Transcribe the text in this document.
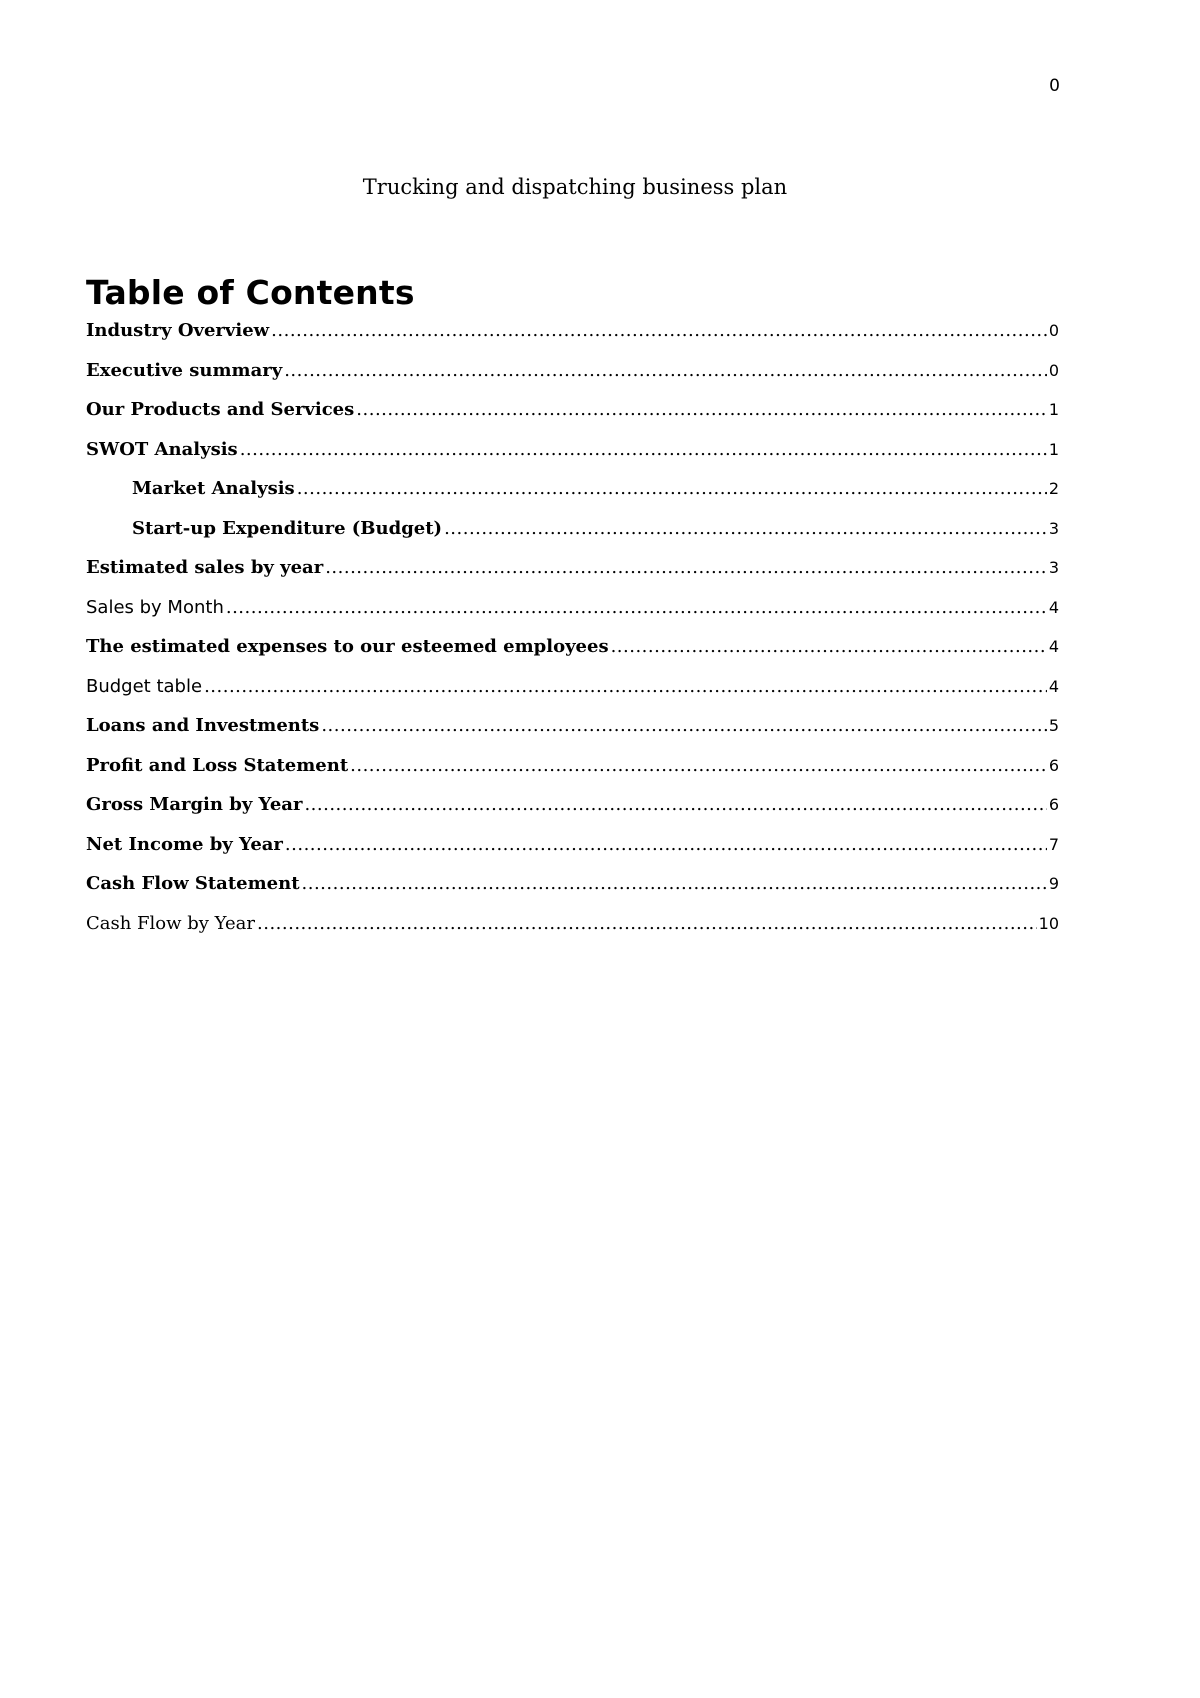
0
Trucking and dispatching business plan
Table of Contents
Industry Overview .....	0
Executive summary .....	0
Our Products and Services .....	1
SWOT Analysis .....	1
Market Analysis .....	2
Start-up Expenditure (Budget) .....	3
Estimated sales by year .....	3
Sales by Month .....	4
The estimated expenses to our esteemed employees .....	4
Budget table .....	4
Loans and Investments .....	5
Profit and Loss Statement .....	6
Gross Margin by Year .....	6
Net Income by Year .....	7
Cash Flow Statement .....	9
Cash Flow by Year .....	10
